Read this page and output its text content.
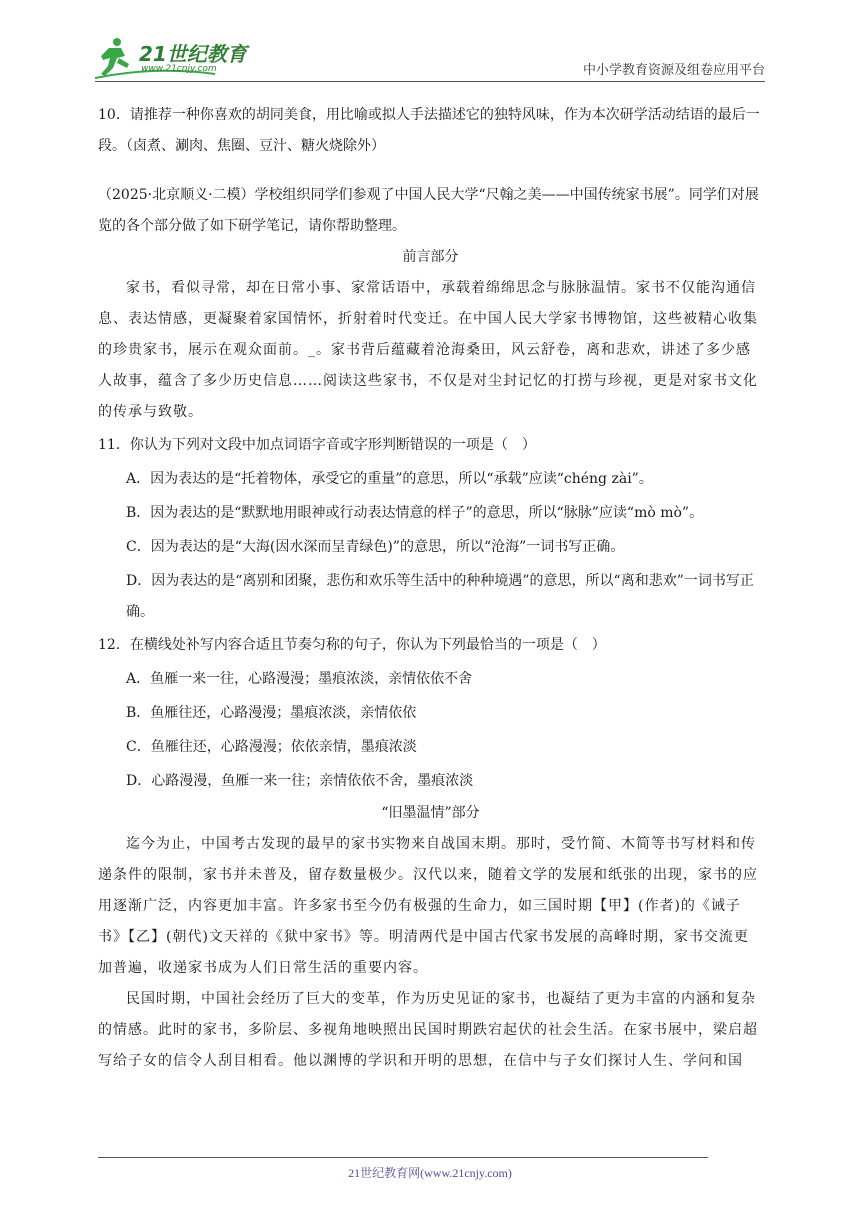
21世纪教育
www.21cnjy.com	中小学教育资源及组卷应用平台

10．请推荐一种你喜欢的胡同美食，用比喻或拟人手法描述它的独特风味，作为本次研学活动结语的最后一段。（卤煮、涮肉、焦圈、豆汁、糖火烧除外）

（2025·北京顺义·二模）学校组织同学们参观了中国人民大学“尺翰之美——中国传统家书展”。同学们对展览的各个部分做了如下研学笔记，请你帮助整理。

前言部分

家书，看似寻常，却在日常小事、家常话语中，承载着绵绵思念与脉脉温情。家书不仅能沟通信息、表达情感，更凝聚着家国情怀，折射着时代变迁。在中国人民大学家书博物馆，这些被精心收集的珍贵家书，展示在观众面前。_。家书背后蕴藏着沧海桑田，风云舒卷，离和悲欢，讲述了多少感人故事，蕴含了多少历史信息……阅读这些家书，不仅是对尘封记忆的打捞与珍视，更是对家书文化的传承与致敬。

11．你认为下列对文段中加点词语字音或字形判断错误的一项是（　）

A．因为表达的是“托着物体，承受它的重量”的意思，所以“承载”应读“chéng zài”。
B．因为表达的是“默默地用眼神或行动表达情意的样子”的意思，所以“脉脉”应读“mò mò”。
C．因为表达的是“大海(因水深而呈青绿色)”的意思，所以“沧海”一词书写正确。
D．因为表达的是“离别和团聚，悲伤和欢乐等生活中的种种境遇”的意思，所以“离和悲欢”一词书写正确。

12．在横线处补写内容合适且节奏匀称的句子，你认为下列最恰当的一项是（　）

A．鱼雁一来一往，心路漫漫；墨痕浓淡，亲情依依不舍
B．鱼雁往还，心路漫漫；墨痕浓淡，亲情依依
C．鱼雁往还，心路漫漫；依依亲情，墨痕浓淡
D．心路漫漫，鱼雁一来一往；亲情依依不舍，墨痕浓淡

“旧墨温情”部分

迄今为止，中国考古发现的最早的家书实物来自战国末期。那时，受竹简、木简等书写材料和传递条件的限制，家书并未普及，留存数量极少。汉代以来，随着文学的发展和纸张的出现，家书的应用逐渐广泛，内容更加丰富。许多家书至今仍有极强的生命力，如三国时期【甲】(作者)的《诫子书》【乙】(朝代)文天祥的《狱中家书》等。明清两代是中国古代家书发展的高峰时期，家书交流更加普遍，收递家书成为人们日常生活的重要内容。

民国时期，中国社会经历了巨大的变革，作为历史见证的家书，也凝结了更为丰富的内涵和复杂的情感。此时的家书，多阶层、多视角地映照出民国时期跌宕起伏的社会生活。在家书展中，梁启超写给子女的信令人刮目相看。他以渊博的学识和开明的思想，在信中与子女们探讨人生、学问和国

21世纪教育网(www.21cnjy.com)
